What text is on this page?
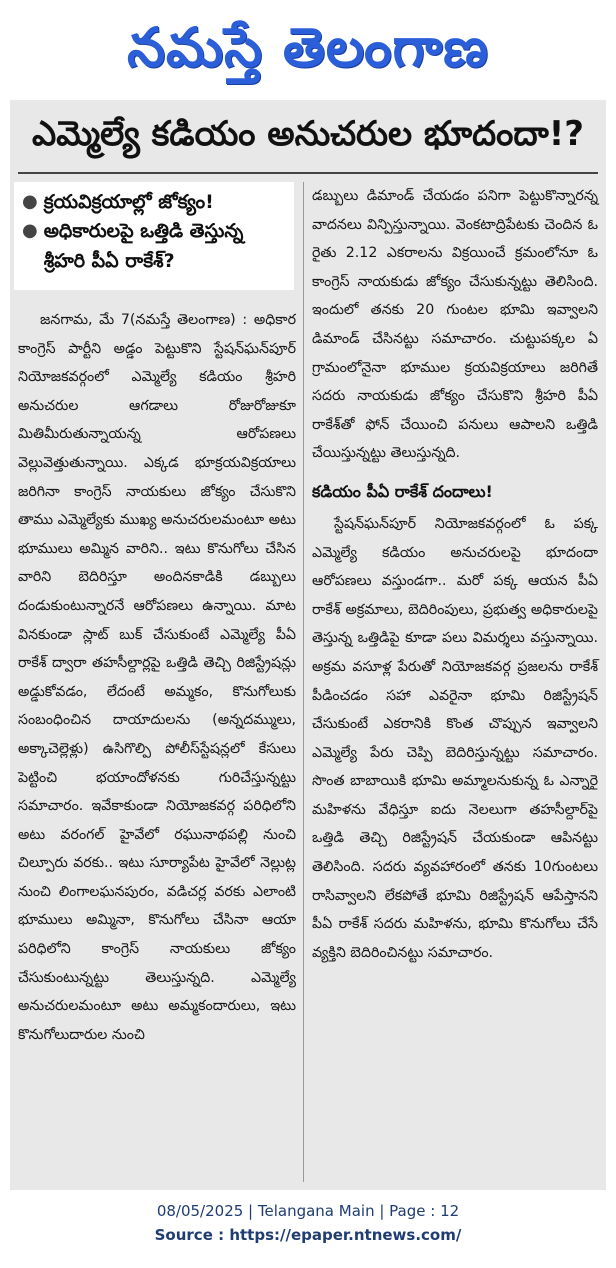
నమస్తే తెలంగాణ
ఎమ్మెల్యే కడియం అనుచరుల భూదందా!?
● క్రయవిక్రయాల్లో జోక్యం!
● అధికారులపై ఒత్తిడి తెస్తున్న శ్రీహరి పీఏ రాకేశ్?
జనగామ, మే 7(నమస్తే తెలంగాణ) : అధికార కాంగ్రెస్ పార్టీని అడ్డం పెట్టుకొని స్టేషన్‌ఘన్‌పూర్ నియోజకవర్గంలో ఎమ్మెల్యే కడియం శ్రీహరి అనుచరుల ఆగడాలు రోజురోజుకూ మితిమీరుతున్నాయన్న ఆరోపణలు వెల్లువెత్తుతున్నాయి. ఎక్కడ భూక్రయవిక్రయాలు జరిగినా కాంగ్రెస్ నాయకులు జోక్యం చేసుకొని తాము ఎమ్మెల్యేకు ముఖ్య అనుచరులమంటూ అటు భూములు అమ్మిన వారిని.. ఇటు కొనుగోలు చేసిన వారిని బెదిరిస్తూ అందినకాడికి డబ్బులు దండుకుంటున్నారనే ఆరోపణలు ఉన్నాయి. మాట వినకుండా స్లాట్ బుక్ చేసుకుంటే ఎమ్మెల్యే పీఏ రాకేశ్ ద్వారా తహసీల్దార్లపై ఒత్తిడి తెచ్చి రిజిస్ట్రేషన్లు అడ్డుకోవడం, లేదంటే అమ్మకం, కొనుగోలుకు సంబంధించిన దాయాదులను (అన్నదమ్ములు, అక్కాచెల్లెళ్లు) ఉసిగొల్పి పోలీస్‌స్టేషన్లలో కేసులు పెట్టించి భయాందోళనకు గురిచేస్తున్నట్టు సమాచారం. ఇవేకాకుండా నియోజకవర్గ పరిధిలోని అటు వరంగల్ హైవేలో రఘునాథపల్లి నుంచి చిల్పూరు వరకు.. ఇటు సూర్యాపేట హైవేలో నెల్లుట్ల నుంచి లింగాలఘనపురం, వడిచర్ల వరకు ఎలాంటి భూములు అమ్మినా, కొనుగోలు చేసినా ఆయా పరిధిలోని కాంగ్రెస్ నాయకులు జోక్యం చేసుకుంటున్నట్టు తెలుస్తున్నది. ఎమ్మెల్యే అనుచరులమంటూ అటు అమ్మకందారులు, ఇటు కొనుగోలుదారుల నుంచి
డబ్బులు డిమాండ్ చేయడం పనిగా పెట్టుకొన్నారన్న వాదనలు విన్పిస్తున్నాయి. వెంకటాద్రిపేటకు చెందిన ఓ రైతు 2.12 ఎకరాలను విక్రయించే క్రమంలోనూ ఓ కాంగ్రెస్ నాయకుడు జోక్యం చేసుకున్నట్టు తెలిసింది. ఇందులో తనకు 20 గుంటల భూమి ఇవ్వాలని డిమాండ్ చేసినట్టు సమాచారం. చుట్టుపక్కల ఏ గ్రామంలోనైనా భూముల క్రయవిక్రయాలు జరిగితే సదరు నాయకుడు జోక్యం చేసుకొని శ్రీహరి పీఏ రాకేశ్‌తో ఫోన్ చేయించి పనులు ఆపాలని ఒత్తిడి చేయిస్తున్నట్టు తెలుస్తున్నది.
కడియం పీఏ రాకేశ్ దందాలు!
స్టేషన్‌ఘన్‌పూర్ నియోజకవర్గంలో ఓ పక్క ఎమ్మెల్యే కడియం అనుచరులపై భూదందా ఆరోపణలు వస్తుండగా.. మరో పక్క ఆయన పీఏ రాకేశ్ అక్రమాలు, బెదిరింపులు, ప్రభుత్వ అధికారులపై తెస్తున్న ఒత్తిడిపై కూడా పలు విమర్శలు వస్తున్నాయి. అక్రమ వసూళ్ల పేరుతో నియోజకవర్గ ప్రజలను రాకేశ్ పీడించడం సహా ఎవరైనా భూమి రిజిస్ట్రేషన్ చేసుకుంటే ఎకరానికి కొంత చొప్పున ఇవ్వాలని ఎమ్మెల్యే పేరు చెప్పి బెదిరిస్తున్నట్టు సమాచారం. సొంత బాబాయికి భూమి అమ్మాలనుకున్న ఓ ఎన్నారై మహిళను వేధిస్తూ ఐదు నెలలుగా తహసీల్దార్‌పై ఒత్తిడి తెచ్చి రిజిస్ట్రేషన్ చేయకుండా ఆపినట్టు తెలిసింది. సదరు వ్యవహారంలో తనకు 10గుంటలు రాసివ్వాలని లేకపోతే భూమి రిజిస్ట్రేషన్ ఆపేస్తానని పీఏ రాకేశ్ సదరు మహిళను, భూమి కొనుగోలు చేసే వ్యక్తిని బెదిరించినట్టు సమాచారం.
08/05/2025 | Telangana Main | Page : 12
Source : https://epaper.ntnews.com/
